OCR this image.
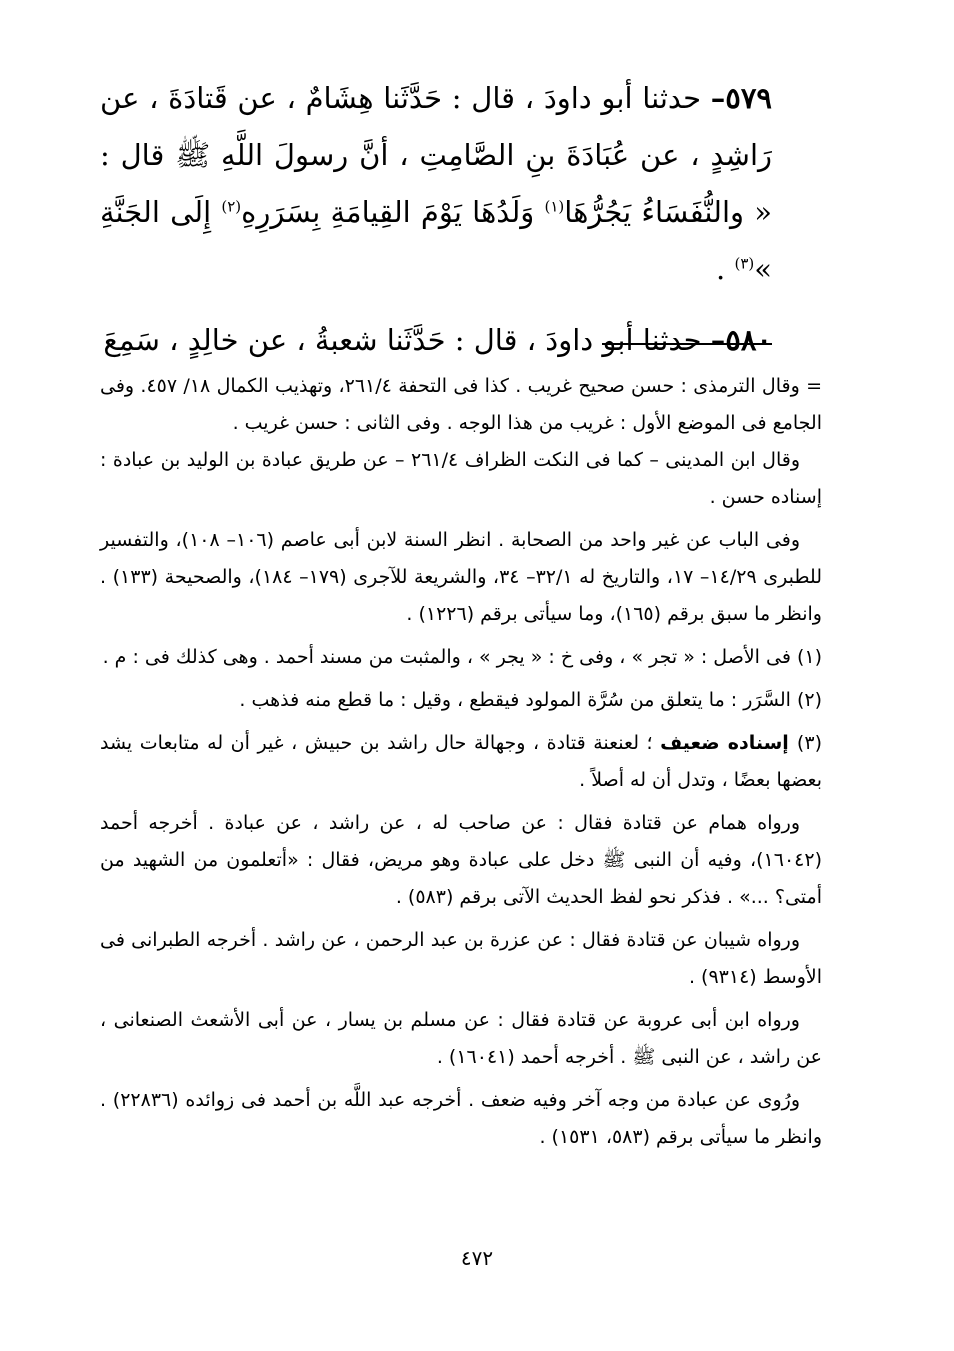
٥٧٩– حدثنا أبو داودَ ، قال : حَدَّثَنا هِشَامٌ ، عن قَتادَةَ ، عن رَاشِدٍ ، عن عُبَادَةَ بنِ الصَّامِتِ ، أنَّ رسولَ اللَّهِ ﷺ قال : « والنُّفَسَاءُ يَجُرُّهَا$^{(١)}$ وَلَدُهَا يَوْمَ القِيامَةِ بِسَرَرِهِ$^{(٢)}$ إِلَى الجَنَّةِ »$^{(٣)}$ .

٥٨٠– حدثنا أبو داودَ ، قال : حَدَّثَنا شعبةُ ، عن خالِدٍ ، سَمِعَ

= وقال الترمذى : حسن صحيح غريب . كذا فى التحفة ٢٦١/٤، وتهذيب الكمال ١٨/ ٤٥٧. وفى الجامع فى الموضع الأول : غريب من هذا الوجه . وفى الثانى : حسن غريب .

وقال ابن المدينى – كما فى النكت الظراف ٢٦١/٤ – عن طريق عبادة بن الوليد بن عبادة : إسناده حسن .

وفى الباب عن غير واحد من الصحابة . انظر السنة لابن أبى عاصم (١٠٦– ١٠٨)، والتفسير للطبرى ١٤/٢٩– ١٧، والتاريخ له ٣٢/١– ٣٤، والشريعة للآجرى (١٧٩– ١٨٤)، والصحيحة (١٣٣) . وانظر ما سبق برقم (١٦٥)، وما سيأتى برقم (١٢٢٦) .

(١) فى الأصل : « تجر » ، وفى خ : « يجر » ، والمثبت من مسند أحمد . وهى كذلك فى : م .

(٢) السَّرَر : ما يتعلق من سُرَّة المولود فيقطع ، وقيل : ما قطع منه فذهب .

(٣) إسناده ضعيف ؛ لعنعنة قتادة ، وجهالة حال راشد بن حبيش ، غير أن له متابعات يشد بعضها بعضًا ، وتدل أن له أصلاً .

ورواه همام عن قتادة فقال : عن صاحب له ، عن راشد ، عن عبادة . أخرجه أحمد (١٦٠٤٢)، وفيه أن النبى ﷺ دخل على عبادة وهو مريض، فقال : «أتعلمون من الشهيد من أمتى؟ ...» . فذكر نحو لفظ الحديث الآتى برقم (٥٨٣) .

ورواه شيبان عن قتادة فقال : عن عزرة بن عبد الرحمن ، عن راشد . أخرجه الطبرانى فى الأوسط (٩٣١٤) .

ورواه ابن أبى عروبة عن قتادة فقال : عن مسلم بن يسار ، عن أبى الأشعث الصنعانى ، عن راشد ، عن النبى ﷺ . أخرجه أحمد (١٦٠٤١) .

ورُوى عن عبادة من وجه آخر وفيه ضعف . أخرجه عبد اللَّه بن أحمد فى زوائده (٢٢٨٣٦) . وانظر ما سيأتى برقم (٥٨٣، ١٥٣١) .

٤٧٢
